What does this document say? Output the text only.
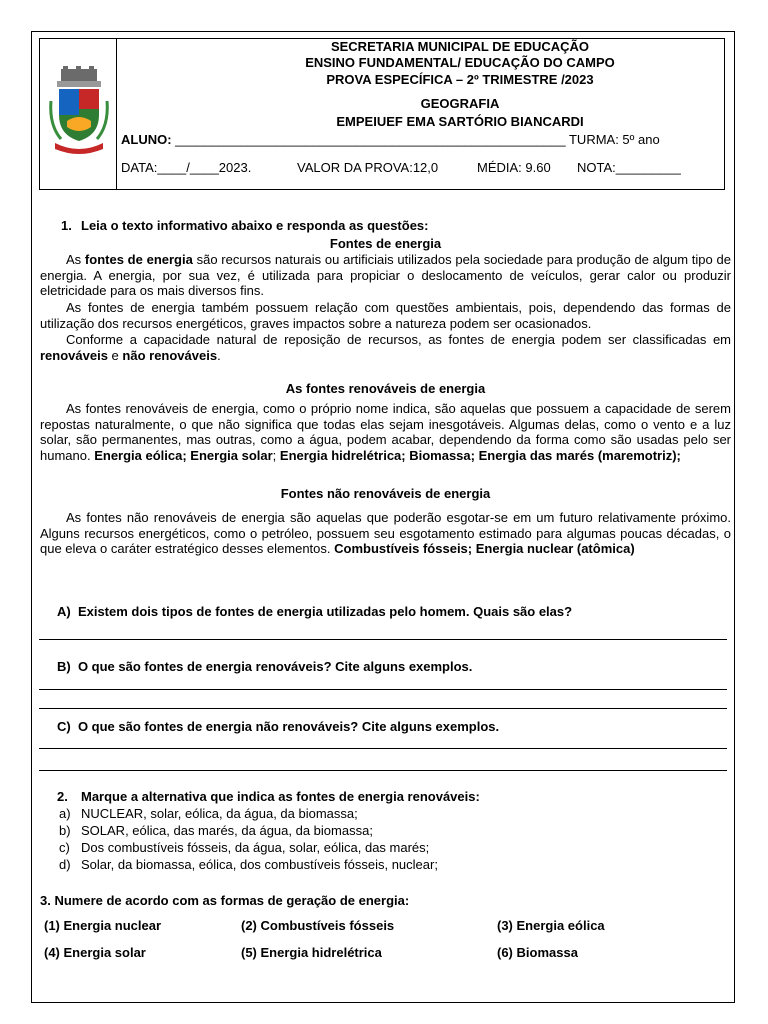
SECRETARIA MUNICIPAL DE EDUCAÇÃO
ENSINO FUNDAMENTAL/ EDUCAÇÃO DO CAMPO
PROVA ESPECÍFICA – 2º TRIMESTRE /2023
GEOGRAFIA
EMPEIUEF EMA SARTÓRIO BIANCARDI
ALUNO: ______________________________________________________ TURMA: 5º ano
DATA:____/____2023.	VALOR DA PROVA:12,0	MÉDIA: 9.60 NOTA:_________
1. Leia o texto informativo abaixo e responda as questões:
Fontes de energia
As fontes de energia são recursos naturais ou artificiais utilizados pela sociedade para produção de algum tipo de energia. A energia, por sua vez, é utilizada para propiciar o deslocamento de veículos, gerar calor ou produzir eletricidade para os mais diversos fins.
As fontes de energia também possuem relação com questões ambientais, pois, dependendo das formas de utilização dos recursos energéticos, graves impactos sobre a natureza podem ser ocasionados.
Conforme a capacidade natural de reposição de recursos, as fontes de energia podem ser classificadas em renováveis e não renováveis.
As fontes renováveis de energia
As fontes renováveis de energia, como o próprio nome indica, são aquelas que possuem a capacidade de serem repostas naturalmente, o que não significa que todas elas sejam inesgotáveis. Algumas delas, como o vento e a luz solar, são permanentes, mas outras, como a água, podem acabar, dependendo da forma como são usadas pelo ser humano. Energia eólica; Energia solar; Energia hidrelétrica; Biomassa; Energia das marés (maremotriz);
Fontes não renováveis de energia
As fontes não renováveis de energia são aquelas que poderão esgotar-se em um futuro relativamente próximo. Alguns recursos energéticos, como o petróleo, possuem seu esgotamento estimado para algumas poucas décadas, o que eleva o caráter estratégico desses elementos. Combustíveis fósseis; Energia nuclear (atômica)
A)  Existem dois tipos de fontes de energia utilizadas pelo homem. Quais são elas?
B)  O que são fontes de energia renováveis? Cite alguns exemplos.
C)  O que são fontes de energia não renováveis? Cite alguns exemplos.
2. Marque a alternativa que indica as fontes de energia renováveis:
a) NUCLEAR, solar, eólica, da água, da biomassa;
b) SOLAR, eólica, das marés, da água, da biomassa;
c) Dos combustíveis fósseis, da água, solar, eólica, das marés;
d) Solar, da biomassa, eólica, dos combustíveis fósseis, nuclear;
3. Numere de acordo com as formas de geração de energia:
(1) Energia nuclear	(2) Combustíveis fósseis	(3) Energia eólica
(4) Energia solar	(5) Energia hidrelétrica	(6) Biomassa
